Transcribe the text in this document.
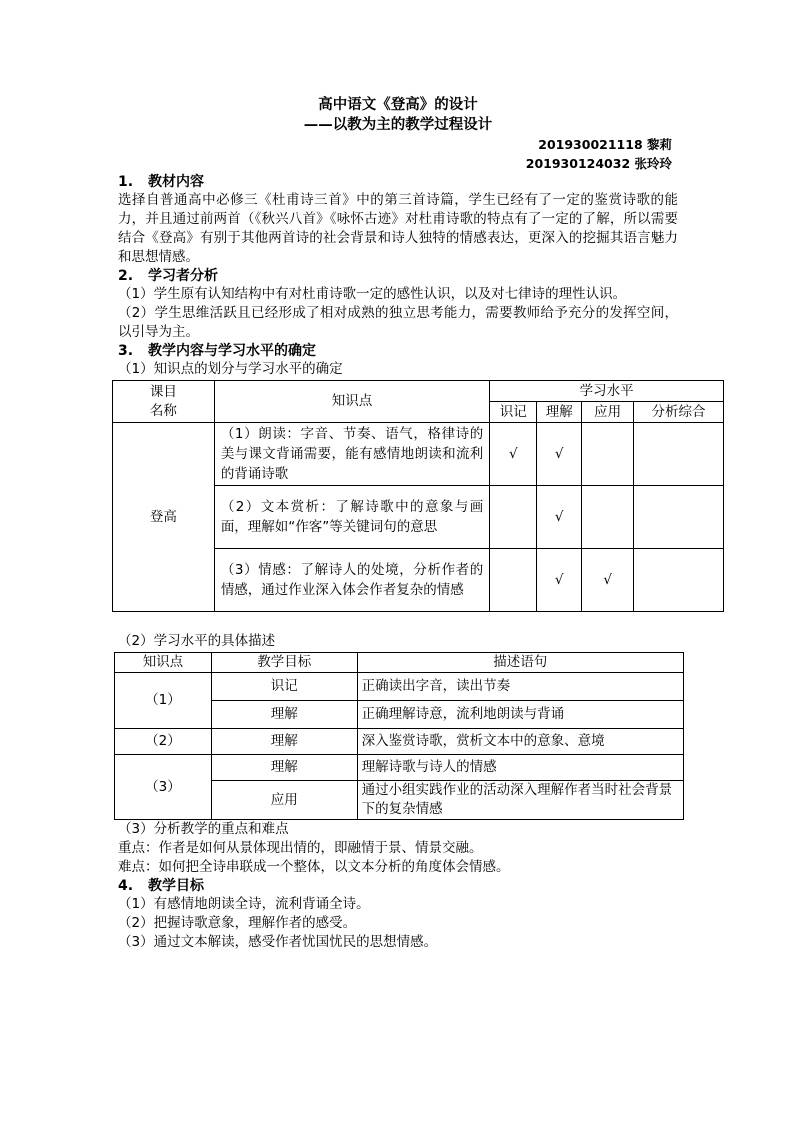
高中语文《登高》的设计
——以教为主的教学过程设计
201930021118 黎莉
201930124032 张玲玲
1. 教材内容

选择自普通高中必修三《杜甫诗三首》中的第三首诗篇，学生已经有了一定的鉴赏诗歌的能力，并且通过前两首（《秋兴八首》《咏怀古迹》对杜甫诗歌的特点有了一定的了解，所以需要结合《登高》有别于其他两首诗的社会背景和诗人独特的情感表达，更深入的挖掘其语言魅力和思想情感。

2. 学习者分析

（1）学生原有认知结构中有对杜甫诗歌一定的感性认识，以及对七律诗的理性认识。

（2）学生思维活跃且已经形成了相对成熟的独立思考能力，需要教师给予充分的发挥空间，以引导为主。

3. 教学内容与学习水平的确定

（1）知识点的划分与学习水平的确定

课目
名称	知识点	学习水平			
		识记	理解	应用	分析综合
登高	（1）朗读：字音、节奏、语气，格律诗的美与课文背诵需要，能有感情地朗读和流利的背诵诗歌	√	√		
	（2）文本赏析：了解诗歌中的意象与画面，理解如“作客”等关键词句的意思		√		
	（3）情感：了解诗人的处境，分析作者的情感，通过作业深入体会作者复杂的情感		√	√	

（2）学习水平的具体描述

知识点	教学目标	描述语句
（1）	识记	正确读出字音，读出节奏
	理解	正确理解诗意，流利地朗读与背诵
（2）	理解	深入鉴赏诗歌，赏析文本中的意象、意境
（3）	理解	理解诗歌与诗人的情感
	应用	通过小组实践作业的活动深入理解作者当时社会背景下的复杂情感

（3）分析教学的重点和难点

重点：作者是如何从景体现出情的，即融情于景、情景交融。

难点：如何把全诗串联成一个整体，以文本分析的角度体会情感。

4. 教学目标

（1）有感情地朗读全诗，流利背诵全诗。

（2）把握诗歌意象，理解作者的感受。

（3）通过文本解读，感受作者忧国忧民的思想情感。
